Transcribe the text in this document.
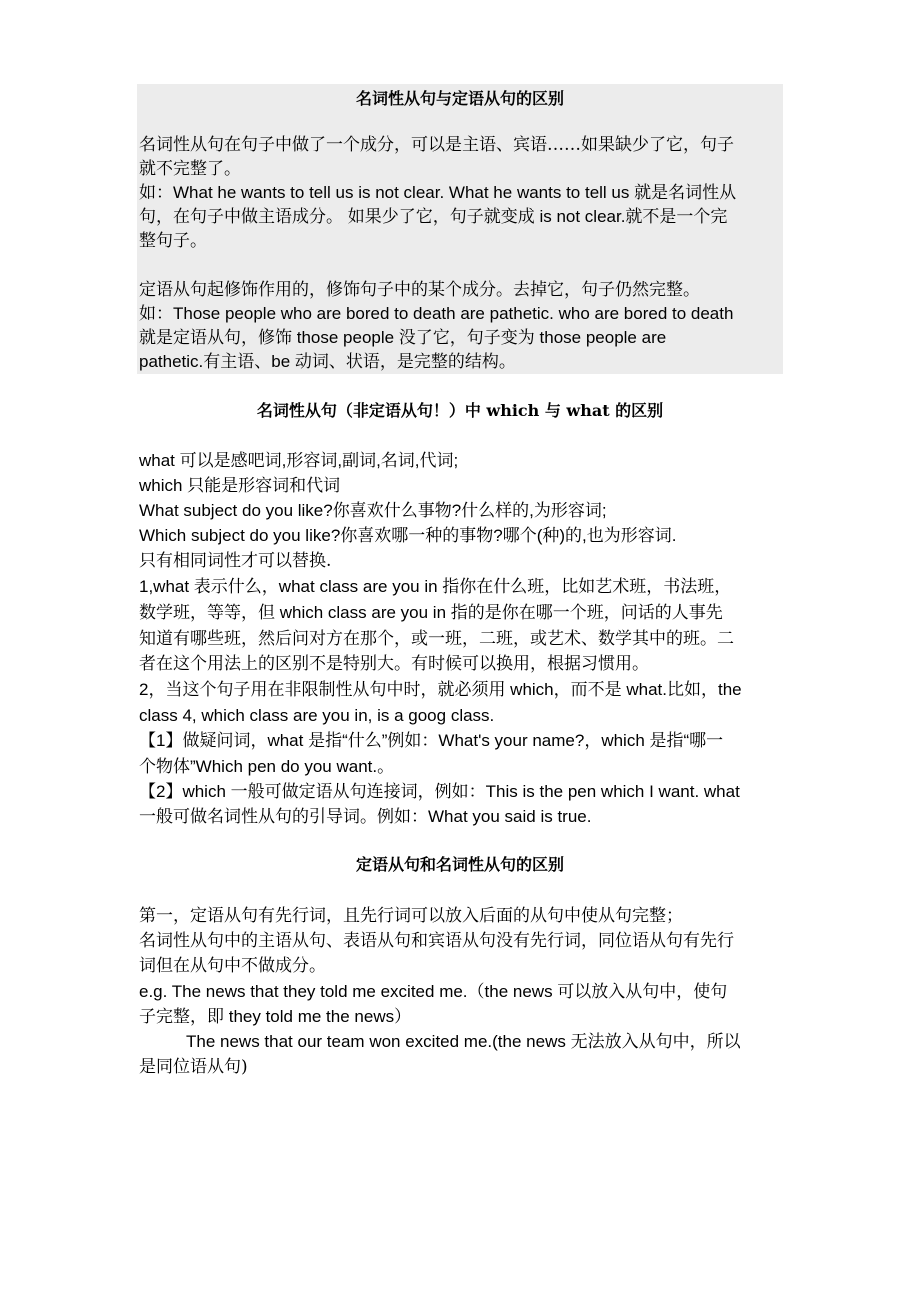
名词性从句与定语从句的区别
名词性从句在句子中做了一个成分，可以是主语、宾语……如果缺少了它，句子
就不完整了。
如：What he wants to tell us is not clear. What he wants to tell us 就是名词性从
句，在句子中做主语成分。 如果少了它，句子就变成 is not clear.就不是一个完
整句子。
定语从句起修饰作用的，修饰句子中的某个成分。去掉它，句子仍然完整。
如：Those people who are bored to death are pathetic. who are bored to death
就是定语从句，修饰 those people 没了它，句子变为 those people are
pathetic.有主语、be 动词、状语，是完整的结构。
名词性从句（非定语从句！）中 which 与 what 的区别
what 可以是感吧词,形容词,副词,名词,代词;
which 只能是形容词和代词
What subject do you like?你喜欢什么事物?什么样的,为形容词;
Which subject do you like?你喜欢哪一种的事物?哪个(种)的,也为形容词.
只有相同词性才可以替换.
1,what 表示什么，what class are you in 指你在什么班，比如艺术班，书法班，
数学班，等等，但 which class are you in 指的是你在哪一个班，问话的人事先
知道有哪些班，然后问对方在那个，或一班，二班，或艺术、数学其中的班。二
者在这个用法上的区别不是特别大。有时候可以换用，根据习惯用。
2，当这个句子用在非限制性从句中时，就必须用 which，而不是 what.比如，the
class 4, which class are you in, is a goog class.
【1】做疑问词，what 是指“什么”例如：What's your name?，which 是指“哪一
个物体”Which pen do you want.。
【2】which 一般可做定语从句连接词，例如：This is the pen which I want. what
一般可做名词性从句的引导词。例如：What you said is true.
定语从句和名词性从句的区别
第一，定语从句有先行词，且先行词可以放入后面的从句中使从句完整；
名词性从句中的主语从句、表语从句和宾语从句没有先行词，同位语从句有先行
词但在从句中不做成分。
e.g. The news that they told me excited me.（the news 可以放入从句中，使句
子完整，即 they told me the news）
The news that our team won excited me.(the news 无法放入从句中，所以
是同位语从句)
